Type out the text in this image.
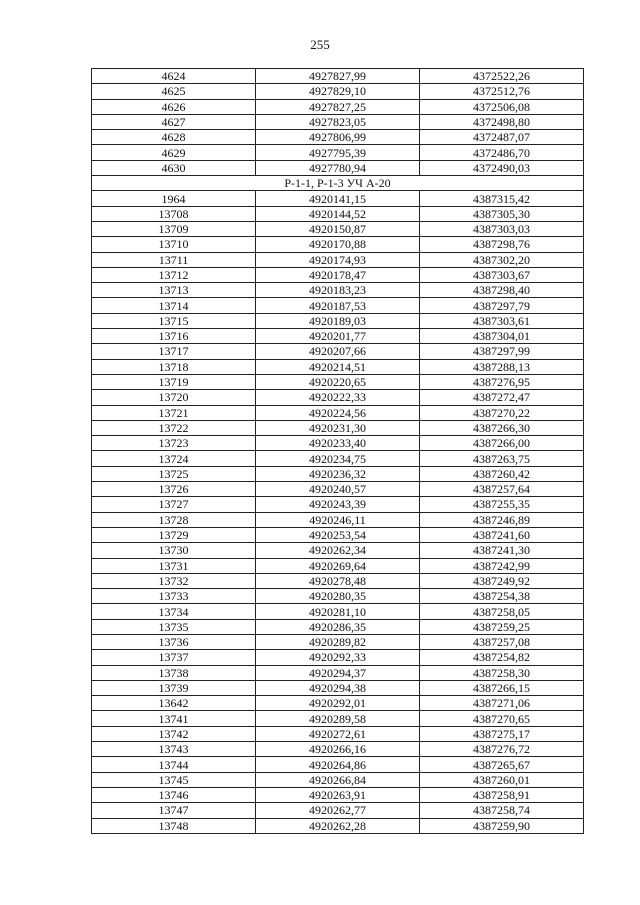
255
4624	4927827,99	4372522,26
4625	4927829,10	4372512,76
4626	4927827,25	4372506,08
4627	4927823,05	4372498,80
4628	4927806,99	4372487,07
4629	4927795,39	4372486,70
4630	4927780,94	4372490,03
Р-1-1, Р-1-3 УЧ А-20		
1964	4920141,15	4387315,42
13708	4920144,52	4387305,30
13709	4920150,87	4387303,03
13710	4920170,88	4387298,76
13711	4920174,93	4387302,20
13712	4920178,47	4387303,67
13713	4920183,23	4387298,40
13714	4920187,53	4387297,79
13715	4920189,03	4387303,61
13716	4920201,77	4387304,01
13717	4920207,66	4387297,99
13718	4920214,51	4387288,13
13719	4920220,65	4387276,95
13720	4920222,33	4387272,47
13721	4920224,56	4387270,22
13722	4920231,30	4387266,30
13723	4920233,40	4387266,00
13724	4920234,75	4387263,75
13725	4920236,32	4387260,42
13726	4920240,57	4387257,64
13727	4920243,39	4387255,35
13728	4920246,11	4387246,89
13729	4920253,54	4387241,60
13730	4920262,34	4387241,30
13731	4920269,64	4387242,99
13732	4920278,48	4387249,92
13733	4920280,35	4387254,38
13734	4920281,10	4387258,05
13735	4920286,35	4387259,25
13736	4920289,82	4387257,08
13737	4920292,33	4387254,82
13738	4920294,37	4387258,30
13739	4920294,38	4387266,15
13642	4920292,01	4387271,06
13741	4920289,58	4387270,65
13742	4920272,61	4387275,17
13743	4920266,16	4387276,72
13744	4920264,86	4387265,67
13745	4920266,84	4387260,01
13746	4920263,91	4387258,91
13747	4920262,77	4387258,74
13748	4920262,28	4387259,90
